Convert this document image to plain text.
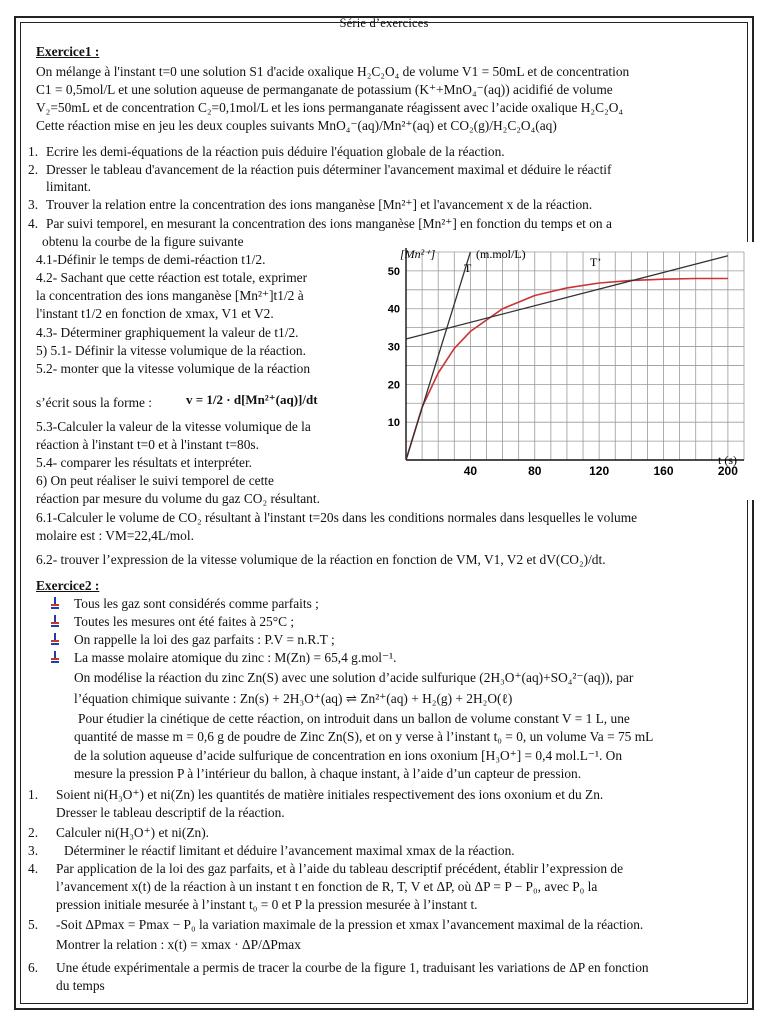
Série d’exercices
Exercice1 :
On mélange à l'instant t=0 une solution S1 d'acide oxalique H₂C₂O₄ de volume V1 = 50mL et de concentration
C1 = 0,5mol/L et une solution aqueuse de permanganate de potassium (K⁺+MnO₄⁻(aq)) acidifié de volume
V₂=50mL et de concentration C₂=0,1mol/L et les ions permanganate réagissent avec l’acide oxalique H₂C₂O₄
Cette réaction mise en jeu les deux couples suivants MnO₄⁻(aq)/Mn²⁺(aq) et CO₂(g)/H₂C₂O₄(aq)
1. Ecrire les demi-équations de la réaction puis déduire l'équation globale de la réaction.
2. Dresser le tableau d'avancement de la réaction puis déterminer l'avancement maximal et déduire le réactif
limitant.
3. Trouver la relation entre la concentration des ions manganèse [Mn²⁺] et l'avancement x de la réaction.
4. Par suivi temporel, en mesurant la concentration des ions manganèse [Mn²⁺] en fonction du temps et on a
obtenu la courbe de la figure suivante
4.1-Définir le temps de demi-réaction t1/2.
4.2- Sachant que cette réaction est totale, exprimer
la concentration des ions manganèse [Mn²⁺]t1/2 à
l'instant t1/2 en fonction de xmax, V1 et V2.
4.3- Déterminer graphiquement la valeur de t1/2.
5) 5.1- Définir la vitesse volumique de la réaction.
5.2- monter que la vitesse volumique de la réaction
s’écrit sous la forme :	v = 1/2 · d[Mn²⁺(aq)]/dt
5.3-Calculer la valeur de la vitesse volumique de la
réaction à l'instant t=0 et à l'instant t=80s.
5.4- comparer les résultats et interpréter.
6) On peut réaliser le suivi temporel de cette
réaction par mesure du volume du gaz CO₂ résultant.
6.1-Calculer le volume de CO₂ résultant à l'instant t=20s dans les conditions normales dans lesquelles le volume
molaire est : VM=22,4L/mol.
6.2- trouver l’expression de la vitesse volumique de la réaction en fonction de VM, V1, V2 et dV(CO₂)/dt.
Exercice2 :
Tous les gaz sont considérés comme parfaits ;
Toutes les mesures ont été faites à 25°C ;
On rappelle la loi des gaz parfaits : P.V = n.R.T ;
La masse molaire atomique du zinc : M(Zn) = 65,4 g.mol⁻¹.
On modélise la réaction du zinc Zn(S) avec une solution d’acide sulfurique (2H₃O⁺(aq)+SO₄²⁻(aq)), par
l’équation chimique suivante : Zn(s) + 2H₃O⁺(aq) ⇌ Zn²⁺(aq) + H₂(g) + 2H₂O(ℓ)
Pour étudier la cinétique de cette réaction, on introduit dans un ballon de volume constant V = 1 L, une
quantité de masse m = 0,6 g de poudre de Zinc Zn(S), et on y verse à l’instant t₀ = 0, un volume Va = 75 mL
de la solution aqueuse d’acide sulfurique de concentration en ions oxonium [H₃O⁺] = 0,4 mol.L⁻¹. On
mesure la pression P à l’intérieur du ballon, à chaque instant, à l’aide d’un capteur de pression.
1. Soient ni(H₃O⁺) et ni(Zn) les quantités de matière initiales respectivement des ions oxonium et du Zn.
Dresser le tableau descriptif de la réaction.
2. Calculer ni(H₃O⁺) et ni(Zn).
3. Déterminer le réactif limitant et déduire l’avancement maximal xmax de la réaction.
4. Par application de la loi des gaz parfaits, et à l’aide du tableau descriptif précédent, établir l’expression de
l’avancement x(t) de la réaction à un instant t en fonction de R, T, V et ΔP, où ΔP = P − P₀, avec P₀ la
pression initiale mesurée à l’instant t₀ = 0 et P la pression mesurée à l’instant t.
5. -Soit ΔPmax = Pmax − P₀ la variation maximale de la pression et xmax l’avancement maximal de la réaction.
Montrer la relation : x(t) = xmax · ΔP/ΔPmax
6. Une étude expérimentale a permis de tracer la courbe de la figure 1, traduisant les variations de ΔP en fonction
du temps
40	80	120	160	200
10
20
30
40
50
[Mn²⁺]	(m.mol/L)
t (s)
T	T’
